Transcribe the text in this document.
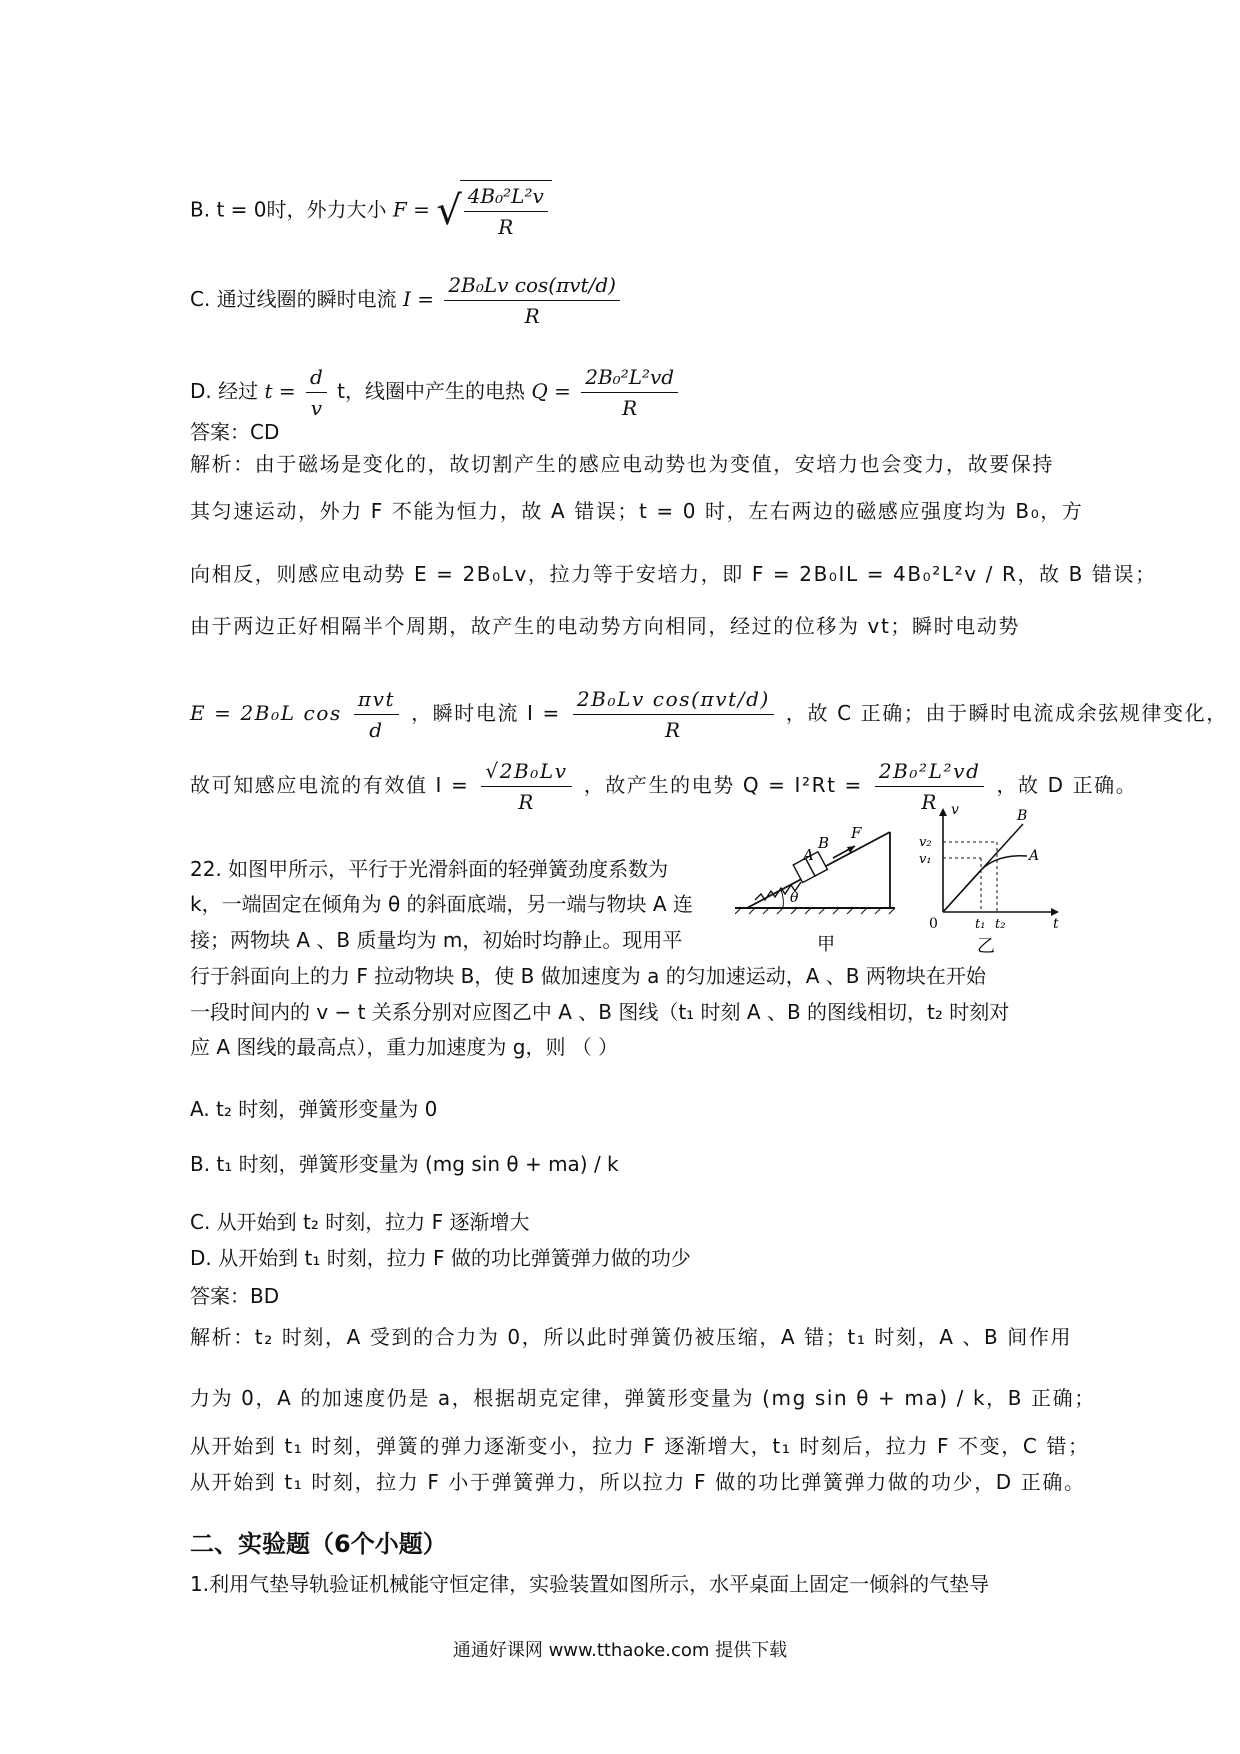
B. t = 0时，外力大小 F = √ $\frac{\text{4B₀²L²v}}{R}$
C. 通过线圈的瞬时电流 $I = \frac{\text{2B₀Lv cos(πvt/d)}}{R}$
D. 经过 $t = \frac{d}{v}$ t，线圈中产生的电热 $Q = \frac{\text{2B₀²L²vd}}{R}$
答案：CD
解析：由于磁场是变化的，故切割产生的感应电动势也为变值，安培力也会变力，故要保持
其匀速运动，外力 F 不能为恒力，故 A 错误；t = 0 时，左右两边的磁感应强度均为 B₀，方
向相反，则感应电动势 E = 2B₀Lv，拉力等于安培力，即 F = 2B₀IL = 4B₀²L²v / R，故 B 错误；
由于两边正好相隔半个周期，故产生的电动势方向相同，经过的位移为 vt；瞬时电动势
E = 2B₀L $\cos \frac{\text{πvt}}{d}$ ，瞬时电流 $I = \frac{\text{2B₀Lv cos(πvt/d)}}{R}$ ，故 C 正确；由于瞬时电流成余弦规律变化，
故可知感应电流的有效值 $I = \frac{\text{√2B₀Lv}}{R}$ ，故产生的电势 $Q = I^2Rt = \frac{\text{2B₀²L²vd}}{R}$ ，故 D 正确。
22. 如图甲所示，平行于光滑斜面的轻弹簧劲度系数为
k，一端固定在倾角为 θ 的斜面底端，另一端与物块 A 连
接；两物块 A 、B 质量均为 m，初始时均静止。现用平
行于斜面向上的力 F 拉动物块 B，使 B 做加速度为 a 的匀加速运动，A 、B 两物块在开始
一段时间内的 v − t 关系分别对应图乙中 A 、B 图线（t₁ 时刻 A 、B 的图线相切，t₂ 时刻对
应 A 图线的最高点），重力加速度为 g，则 （ ）
A
B
F
θ
甲
v
t
0
v₂
v₁
t₁ t₂
A
B
乙
A. t₂ 时刻，弹簧形变量为 0
B. t₁ 时刻，弹簧形变量为 (mg sin θ + ma) / k
C. 从开始到 t₂ 时刻，拉力 F 逐渐增大
D. 从开始到 t₁ 时刻，拉力 F 做的功比弹簧弹力做的功少
答案：BD
解析：t₂ 时刻，A 受到的合力为 0，所以此时弹簧仍被压缩，A 错；t₁ 时刻，A 、B 间作用
力为 0，A 的加速度仍是 a，根据胡克定律，弹簧形变量为 (mg sin θ + ma) / k，B 正确；
从开始到 t₁ 时刻，弹簧的弹力逐渐变小，拉力 F 逐渐增大，t₁ 时刻后，拉力 F 不变，C 错；
从开始到 t₁ 时刻，拉力 F 小于弹簧弹力，所以拉力 F 做的功比弹簧弹力做的功少，D 正确。
二、实验题（6个小题）
1.利用气垫导轨验证机械能守恒定律，实验装置如图所示，水平桌面上固定一倾斜的气垫导
通通好课网 www.tthaoke.com 提供下载
